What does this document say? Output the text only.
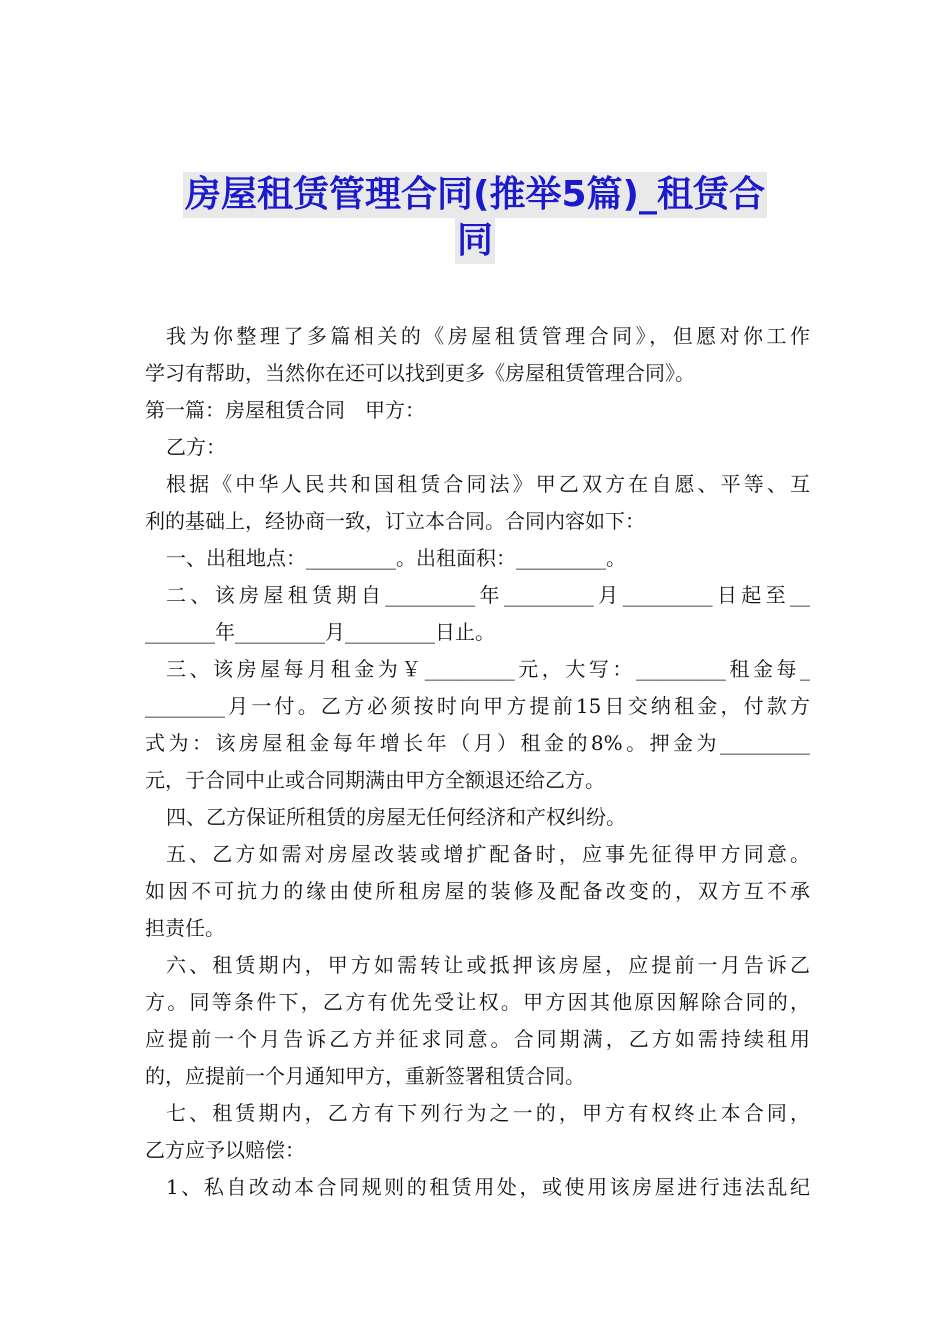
房屋租赁管理合同(推举5篇)_租赁合
同
我为你整理了多篇相关的《房屋租赁管理合同》，但愿对你工作
学习有帮助，当然你在还可以找到更多《房屋租赁管理合同》。
第一篇：房屋租赁合同　甲方：
乙方：
根据《中华人民共和国租赁合同法》甲乙双方在自愿、平等、互
利的基础上，经协商一致，订立本合同。合同内容如下：
一、出租地点：_________。出租面积：_________。
二、该房屋租赁期自_________年_________月_________日起至__
_______年_________月_________日止。
三、该房屋每月租金为￥_________元，大写：_________租金每_
________月一付。乙方必须按时向甲方提前15日交纳租金，付款方
式为：该房屋租金每年增长年（月）租金的8%。押金为_________
元，于合同中止或合同期满由甲方全额退还给乙方。
四、乙方保证所租赁的房屋无任何经济和产权纠纷。
五、乙方如需对房屋改装或增扩配备时，应事先征得甲方同意。
如因不可抗力的缘由使所租房屋的装修及配备改变的，双方互不承
担责任。
六、租赁期内，甲方如需转让或抵押该房屋，应提前一月告诉乙
方。同等条件下，乙方有优先受让权。甲方因其他原因解除合同的，
应提前一个月告诉乙方并征求同意。合同期满，乙方如需持续租用
的，应提前一个月通知甲方，重新签署租赁合同。
七、租赁期内，乙方有下列行为之一的，甲方有权终止本合同，
乙方应予以赔偿：
1、私自改动本合同规则的租赁用处，或使用该房屋进行违法乱纪
